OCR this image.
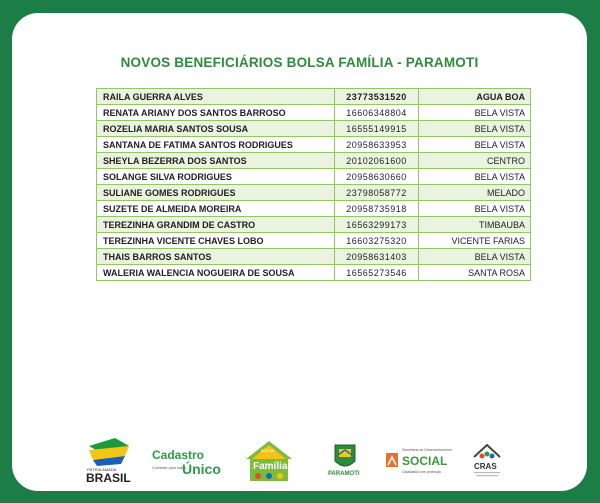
NOVOS BENEFICIÁRIOS BOLSA FAMÍLIA - PARAMOTI
RAILA GUERRA ALVES	23773531520	AGUA BOA
RENATA ARIANY DOS SANTOS BARROSO	16606348804	BELA VISTA
ROZELIA MARIA SANTOS SOUSA	16555149915	BELA VISTA
SANTANA DE FATIMA SANTOS RODRIGUES	20958633953	BELA VISTA
SHEYLA BEZERRA DOS SANTOS	20102061600	CENTRO
SOLANGE SILVA RODRIGUES	20958630660	BELA VISTA
SULIANE GOMES RODRIGUES	23798058772	MELADO
SUZETE DE ALMEIDA MOREIRA	20958735918	BELA VISTA
TEREZINHA GRANDIM DE CASTRO	16563299173	TIMBAUBA
TEREZINHA VICENTE CHAVES LOBO	16603275320	VICENTE FARIAS
THAIS BARROS SANTOS	20958631403	BELA VISTA
WALERIA WALENCIA NOGUEIRA DE SOUSA	16565273546	SANTA ROSA
PÁTRIA AMADA
BRASIL
Cadastro
Conhecer para incluir
Único
BOLSA
Família
PARAMOTI
Secretaria de Desenvolvimento
SOCIAL
Cidadania com proteção
CRAS
